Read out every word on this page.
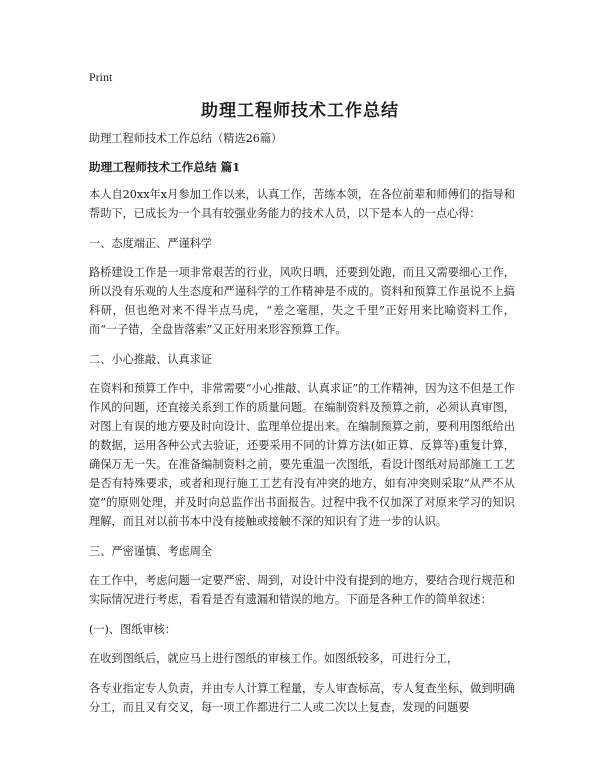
Print
助理工程师技术工作总结

助理工程师技术工作总结（精选26篇）

助理工程师技术工作总结 篇1

本人自20xx年x月参加工作以来，认真工作，苦练本领，在各位前辈和师傅们的指导和帮助下，已成长为一个具有较强业务能力的技术人员，以下是本人的一点心得：

一、态度端正、严谨科学

路桥建设工作是一项非常艰苦的行业，风吹日晒，还要到处跑，而且又需要细心工作，所以没有乐观的人生态度和严谨科学的工作精神是不成的。资料和预算工作虽说不上搞科研，但也绝对来不得半点马虎，“差之毫厘，失之千里”正好用来比喻资料工作，而“一子错，全盘皆落索”又正好用来形容预算工作。

二、小心推敲、认真求证

在资料和预算工作中，非常需要“小心推敲、认真求证”的工作精神，因为这不但是工作作风的问题，还直接关系到工作的质量问题。在编制资料及预算之前，必须认真审图，对图上有误的地方要及时向设计、监理单位提出来。在编制预算之前，要利用图纸给出的数据，运用各种公式去验证，还要采用不同的计算方法(如正算、反算等)重复计算，确保万无一失。在准备编制资料之前，要先重温一次图纸，看设计图纸对局部施工工艺是否有特殊要求，或者和现行施工工艺有没有冲突的地方，如有冲突则采取“从严不从宽”的原则处理，并及时向总监作出书面报告。过程中我不仅加深了对原来学习的知识理解，而且对以前书本中没有接触或接触不深的知识有了进一步的认识。

三、严密谨慎、考虑周全

在工作中，考虑问题一定要严密、周到，对设计中没有提到的地方，要结合现行规范和实际情况进行考虑，看看是否有遗漏和错误的地方。下面是各种工作的简单叙述：

(一)、图纸审核：

在收到图纸后，就应马上进行图纸的审核工作。如图纸较多，可进行分工，

各专业指定专人负责，并由专人计算工程量，专人审查标高，专人复查坐标，做到明确分工，而且又有交叉，每一项工作都进行二人或二次以上复查，发现的问题要
